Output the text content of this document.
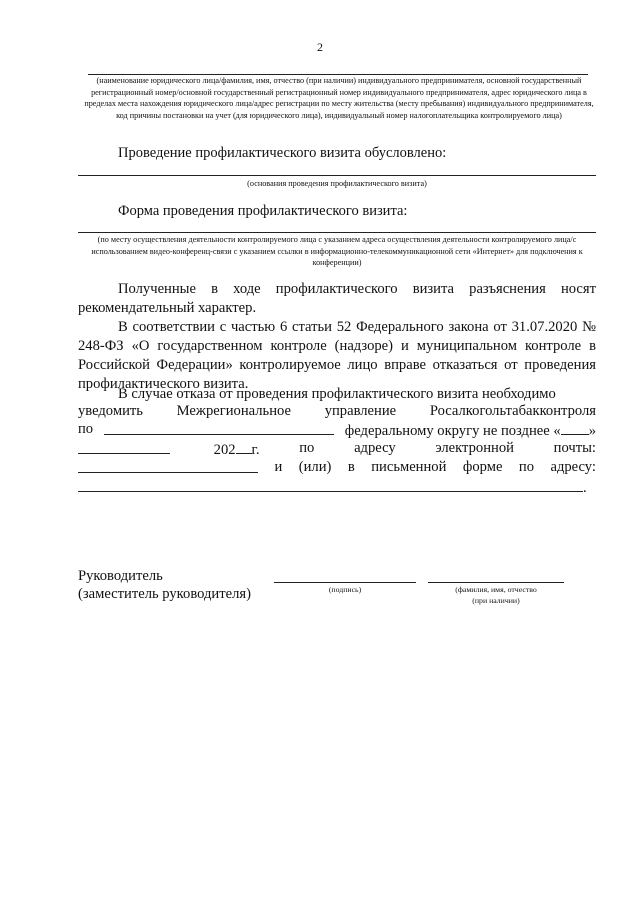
2
(наименование юридического лица/фамилия, имя, отчество (при наличии) индивидуального предпринимателя, основной государственный регистрационный номер/основной государственный регистрационный номер индивидуального предпринимателя, адрес юридического лица в пределах места нахождения юридического лица/адрес регистрации по месту жительства (месту пребывания) индивидуального предпринимателя, код причины постановки на учет (для юридического лица), индивидуальный номер налогоплательщика контролируемого лица)
Проведение профилактического визита обусловлено:
(основания проведения профилактического визита)
Форма проведения профилактического визита:
(по месту осуществления деятельности контролируемого лица с указанием адреса осуществления деятельности контролируемого лица/с использованием видео-конференц-связи с указанием ссылки в информационно-телекоммуникационной сети «Интернет» для подключения к конференции)
Полученные в ходе профилактического визита разъяснения носят рекомендательный характер.
В соответствии с частью 6 статьи 52 Федерального закона от 31.07.2020 № 248-ФЗ «О государственном контроле (надзоре) и муниципальном контроле в Российской Федерации» контролируемое лицо вправе отказаться от проведения профилактического визита.
В случае отказа от проведения профилактического визита необходимо
уведомить Межрегиональное управление Росалкогольтабакконтроля
по	федеральному округу не позднее « »
202 г.	по	адресу	электронной	почты:
и (или) в письменной форме по адресу:
.
Руководитель
(заместитель руководителя)	(подпись)	(фамилия, имя, отчество
(при наличии)
